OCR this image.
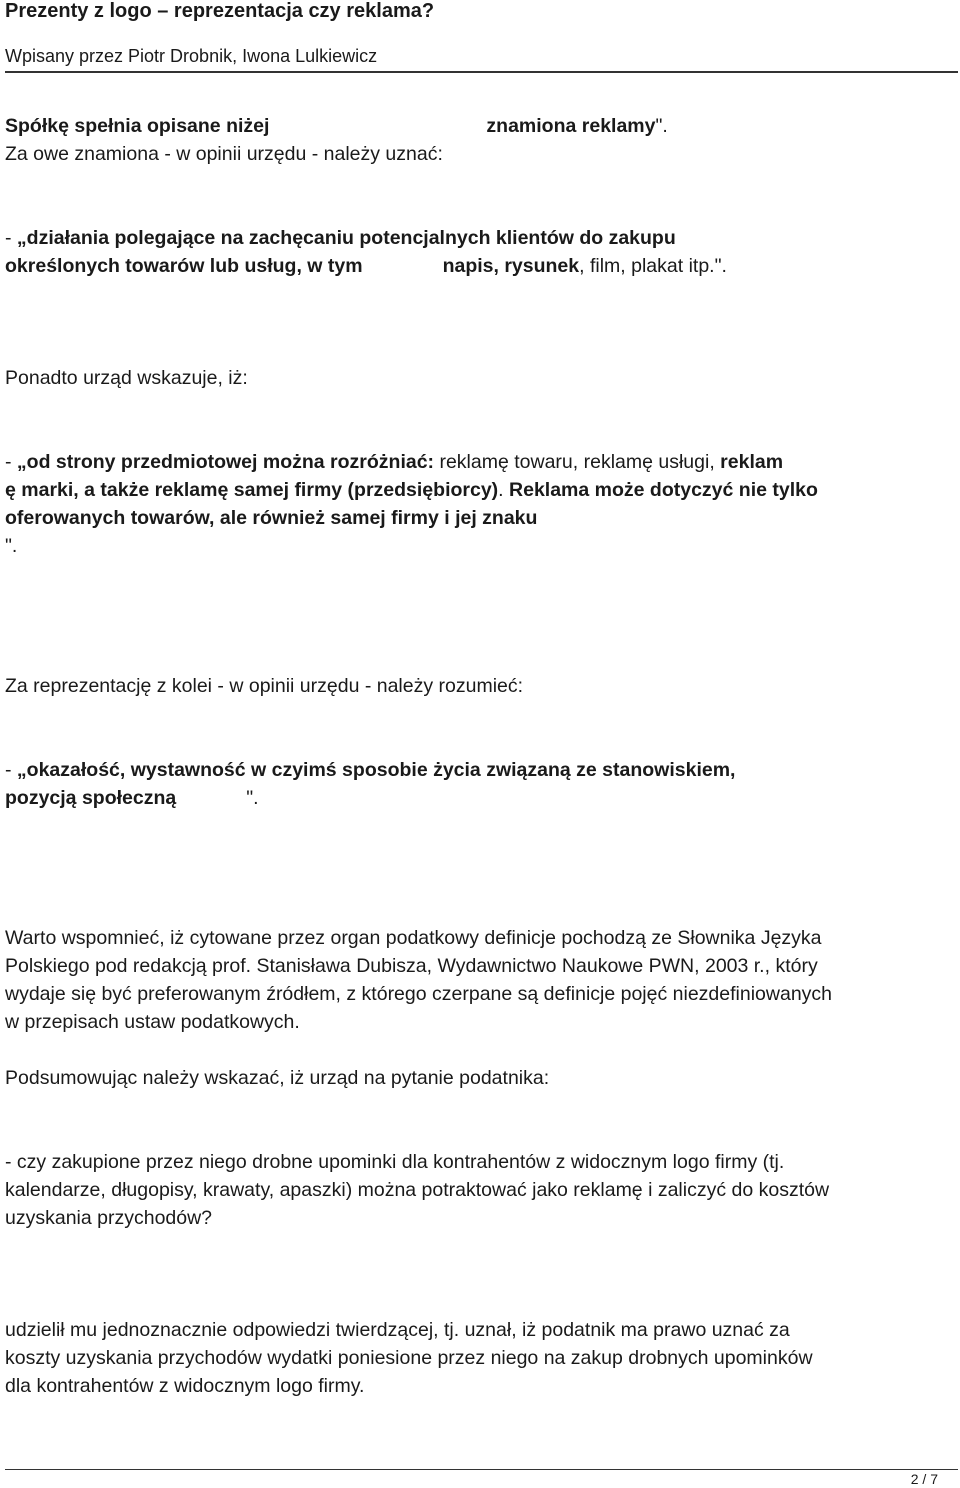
Prezenty z logo – reprezentacja czy reklama?
Wpisany przez Piotr Drobnik, Iwona Lulkiewicz
Spółkę spełnia opisane niżej	znamiona reklamy".
Za owe znamiona - w opinii urzędu - należy uznać:
- „działania polegające na zachęcaniu potencjalnych klientów do zakupu
określonych towarów lub usług, w tym	napis, rysunek, film, plakat itp.".
Ponadto urząd wskazuje, iż:
- „od strony przedmiotowej można rozróżniać: reklamę towaru, reklamę usługi, reklam
ę marki, a także reklamę samej firmy (przedsiębiorcy). Reklama może dotyczyć nie tylko
oferowanych towarów, ale również samej firmy i jej znaku
".
Za reprezentację z kolei - w opinii urzędu - należy rozumieć:
- „okazałość, wystawność w czyimś sposobie życia związaną ze stanowiskiem,
pozycją społeczną	".
Warto wspomnieć, iż cytowane przez organ podatkowy definicje pochodzą ze Słownika Języka
Polskiego pod redakcją prof. Stanisława Dubisza, Wydawnictwo Naukowe PWN, 2003 r., który
wydaje się być preferowanym źródłem, z którego czerpane są definicje pojęć niezdefiniowanych
w przepisach ustaw podatkowych.
Podsumowując należy wskazać, iż urząd na pytanie podatnika:
- czy zakupione przez niego drobne upominki dla kontrahentów z widocznym logo firmy (tj.
kalendarze, długopisy, krawaty, apaszki) można potraktować jako reklamę i zaliczyć do kosztów
uzyskania przychodów?
udzielił mu jednoznacznie odpowiedzi twierdzącej, tj. uznał, iż podatnik ma prawo uznać za
koszty uzyskania przychodów wydatki poniesione przez niego na zakup drobnych upominków
dla kontrahentów z widocznym logo firmy.
2 / 7
